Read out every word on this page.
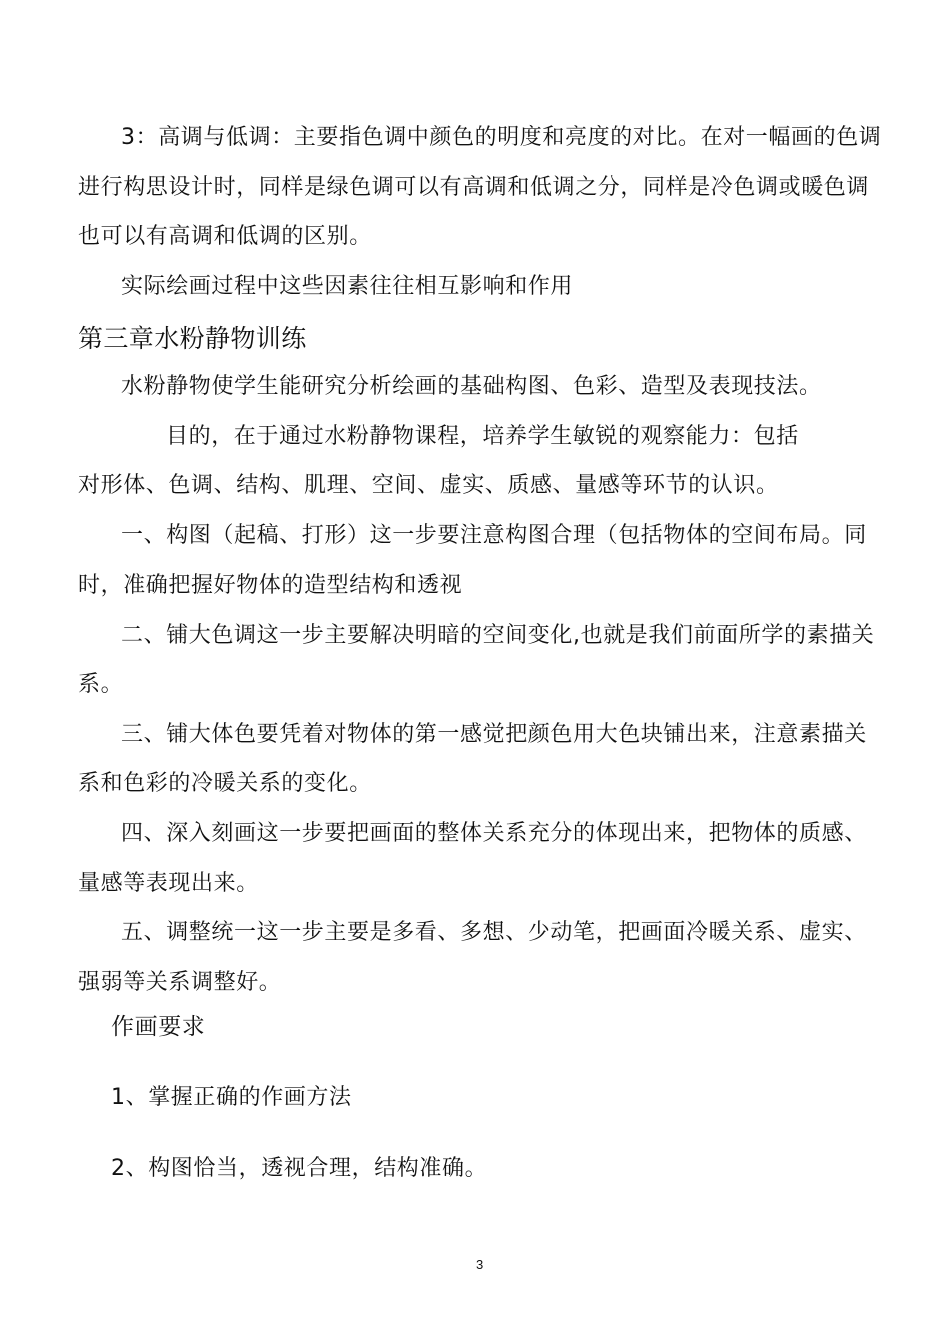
3：高调与低调：主要指色调中颜色的明度和亮度的对比。在对一幅画的色调

进行构思设计时，同样是绿色调可以有高调和低调之分，同样是冷色调或暖色调

也可以有高调和低调的区别。

实际绘画过程中这些因素往往相互影响和作用

第三章水粉静物训练

水粉静物使学生能研究分析绘画的基础构图、色彩、造型及表现技法。

目的，在于通过水粉静物课程，培养学生敏锐的观察能力：包括

对形体、色调、结构、肌理、空间、虚实、质感、量感等环节的认识。

一、构图（起稿、打形）这一步要注意构图合理（包括物体的空间布局。同

时，准确把握好物体的造型结构和透视

二、铺大色调这一步主要解决明暗的空间变化,也就是我们前面所学的素描关

系。

三、铺大体色要凭着对物体的第一感觉把颜色用大色块铺出来，注意素描关

系和色彩的冷暖关系的变化。

四、深入刻画这一步要把画面的整体关系充分的体现出来，把物体的质感、

量感等表现出来。

五、调整统一这一步主要是多看、多想、少动笔，把画面冷暖关系、虚实、

强弱等关系调整好。

作画要求

1、掌握正确的作画方法

2、构图恰当，透视合理，结构准确。

3
